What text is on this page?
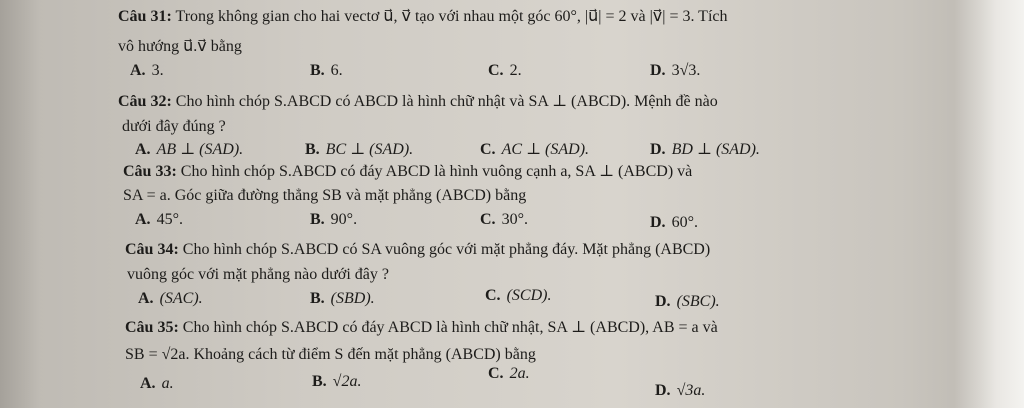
Câu 31: Trong không gian cho hai vectơ u⃗, v⃗ tạo với nhau một góc 60°, |u⃗| = 2 và |v⃗| = 3. Tích
vô hướng u⃗.v⃗ bằng
A. 3.	B. 6.	C. 2.	D. 3√3.
Câu 32: Cho hình chóp S.ABCD có ABCD là hình chữ nhật và SA ⊥ (ABCD). Mệnh đề nào
dưới đây đúng ?
A. AB ⊥ (SAD).	B. BC ⊥ (SAD).	C. AC ⊥ (SAD).	D. BD ⊥ (SAD).
Câu 33: Cho hình chóp S.ABCD có đáy ABCD là hình vuông cạnh a, SA ⊥ (ABCD) và
SA = a. Góc giữa đường thẳng SB và mặt phẳng (ABCD) bằng
A. 45°.	B. 90°.	C. 30°.	D. 60°.
Câu 34: Cho hình chóp S.ABCD có SA vuông góc với mặt phẳng đáy. Mặt phẳng (ABCD)
vuông góc với mặt phẳng nào dưới đây ?
A. (SAC).	B. (SBD).	C. (SCD).	D. (SBC).
Câu 35: Cho hình chóp S.ABCD có đáy ABCD là hình chữ nhật, SA ⊥ (ABCD), AB = a và
SB = √2a. Khoảng cách từ điểm S đến mặt phẳng (ABCD) bằng
A. a.	B. √2a.	C. 2a.
D. √3a.
